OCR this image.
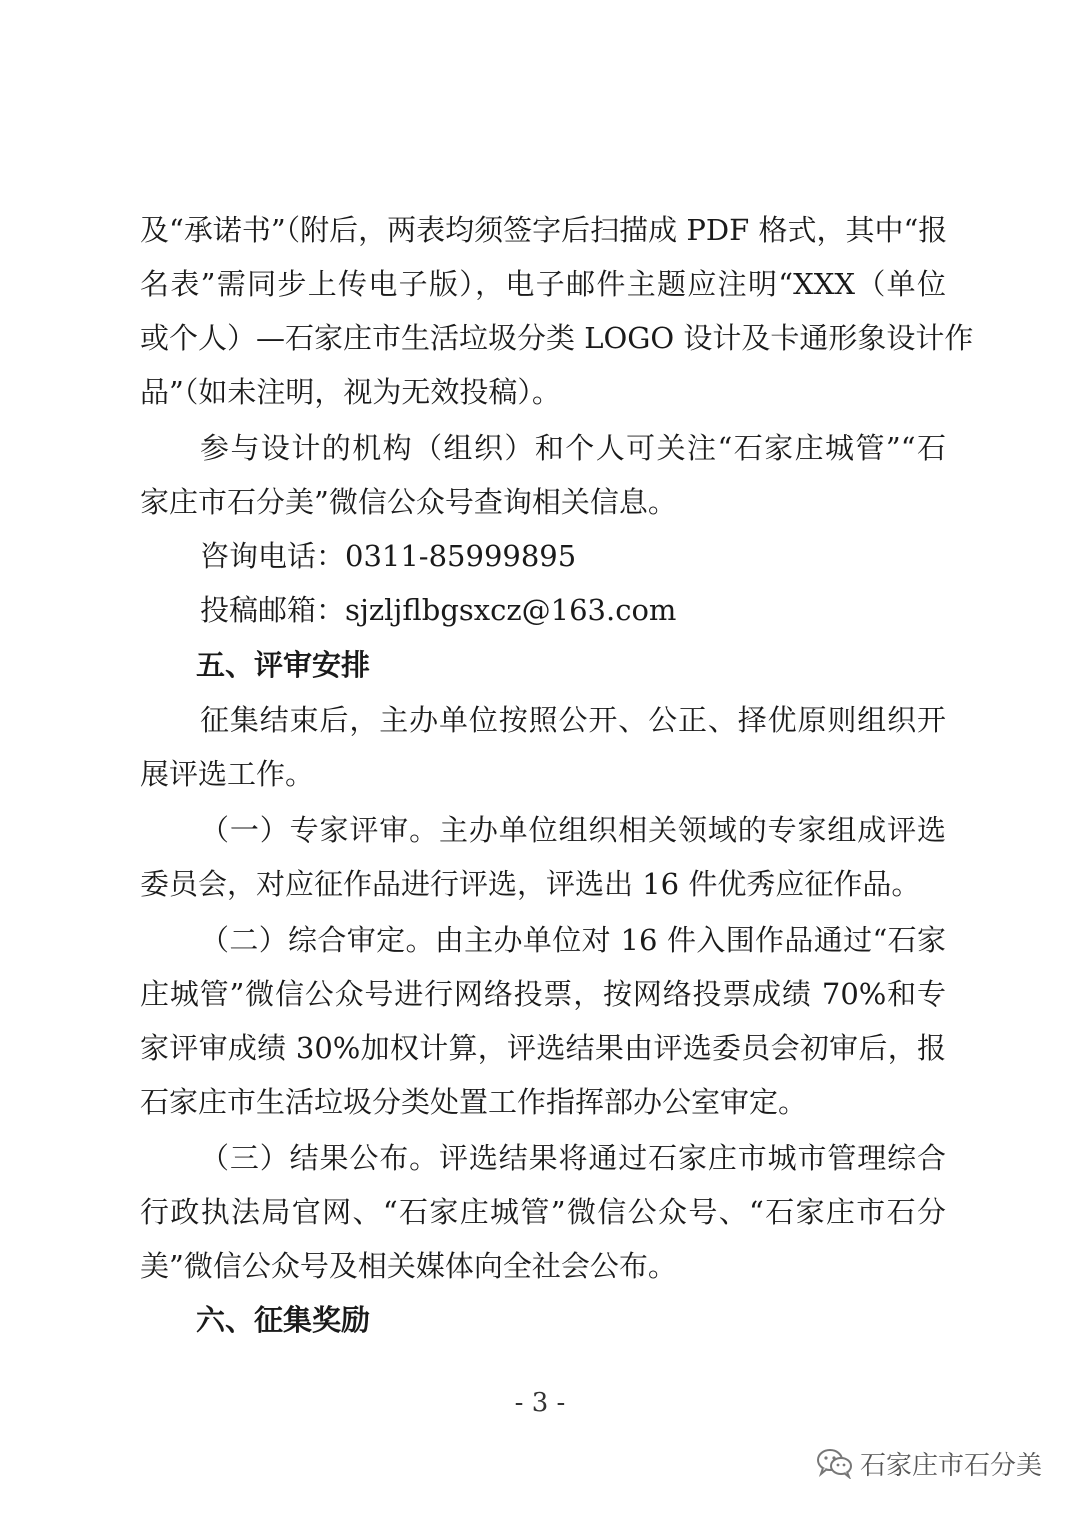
及“承诺书”（附后，两表均须签字后扫描成 PDF 格式，其中“报
名表”需同步上传电子版），电子邮件主题应注明“XXX（单位
或个人）—石家庄市生活垃圾分类 LOGO 设计及卡通形象设计作
品”（如未注明，视为无效投稿）。
参与设计的机构（组织）和个人可关注“石家庄城管”“石
家庄市石分美”微信公众号查询相关信息。
咨询电话：0311-85999895
投稿邮箱：sjzljflbgsxcz@163.com
五、评审安排
征集结束后，主办单位按照公开、公正、择优原则组织开
展评选工作。
（一）专家评审。主办单位组织相关领域的专家组成评选
委员会，对应征作品进行评选，评选出 16 件优秀应征作品。
（二）综合审定。由主办单位对 16 件入围作品通过“石家
庄城管”微信公众号进行网络投票，按网络投票成绩 70%和专
家评审成绩 30%加权计算，评选结果由评选委员会初审后，报
石家庄市生活垃圾分类处置工作指挥部办公室审定。
（三）结果公布。评选结果将通过石家庄市城市管理综合
行政执法局官网、“石家庄城管”微信公众号、“石家庄市石分
美”微信公众号及相关媒体向全社会公布。
六、征集奖励
- 3 -
石家庄市石分美
